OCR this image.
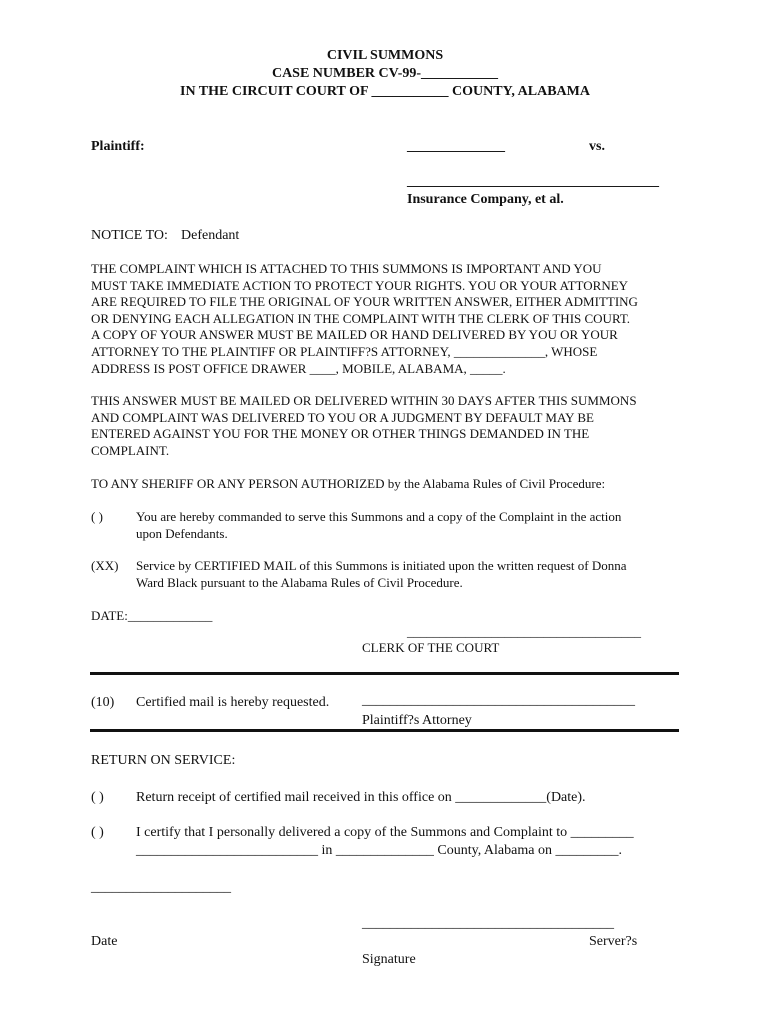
CIVIL SUMMONS
CASE NUMBER CV-99-___________
IN THE CIRCUIT COURT OF ___________ COUNTY, ALABAMA
Plaintiff:	______________	vs.
____________________________________
Insurance Company, et al.
NOTICE TO: Defendant
THE COMPLAINT WHICH IS ATTACHED TO THIS SUMMONS IS IMPORTANT AND YOU
MUST TAKE IMMEDIATE ACTION TO PROTECT YOUR RIGHTS. YOU OR YOUR ATTORNEY
ARE REQUIRED TO FILE THE ORIGINAL OF YOUR WRITTEN ANSWER, EITHER ADMITTING
OR DENYING EACH ALLEGATION IN THE COMPLAINT WITH THE CLERK OF THIS COURT.
A COPY OF YOUR ANSWER MUST BE MAILED OR HAND DELIVERED BY YOU OR YOUR
ATTORNEY TO THE PLAINTIFF OR PLAINTIFF?S ATTORNEY, ______________, WHOSE
ADDRESS IS POST OFFICE DRAWER ____, MOBILE, ALABAMA, _____.
THIS ANSWER MUST BE MAILED OR DELIVERED WITHIN 30 DAYS AFTER THIS SUMMONS
AND COMPLAINT WAS DELIVERED TO YOU OR A JUDGMENT BY DEFAULT MAY BE
ENTERED AGAINST YOU FOR THE MONEY OR OTHER THINGS DEMANDED IN THE
COMPLAINT.
TO ANY SHERIFF OR ANY PERSON AUTHORIZED by the Alabama Rules of Civil Procedure:
( )	You are hereby commanded to serve this Summons and a copy of the Complaint in the action
upon Defendants.
(XX) Service by CERTIFIED MAIL of this Summons is initiated upon the written request of Donna
Ward Black pursuant to the Alabama Rules of Civil Procedure.
DATE:_____________
____________________________________
CLERK OF THE COURT
(10) Certified mail is hereby requested. _______________________________________
Plaintiff?s Attorney
RETURN ON SERVICE:
( ) Return receipt of certified mail received in this office on _____________(Date).
( ) I certify that I personally delivered a copy of the Summons and Complaint to _________
__________________________ in ______________ County, Alabama on _________.
____________________
____________________________________
Date	Server?s
Signature
